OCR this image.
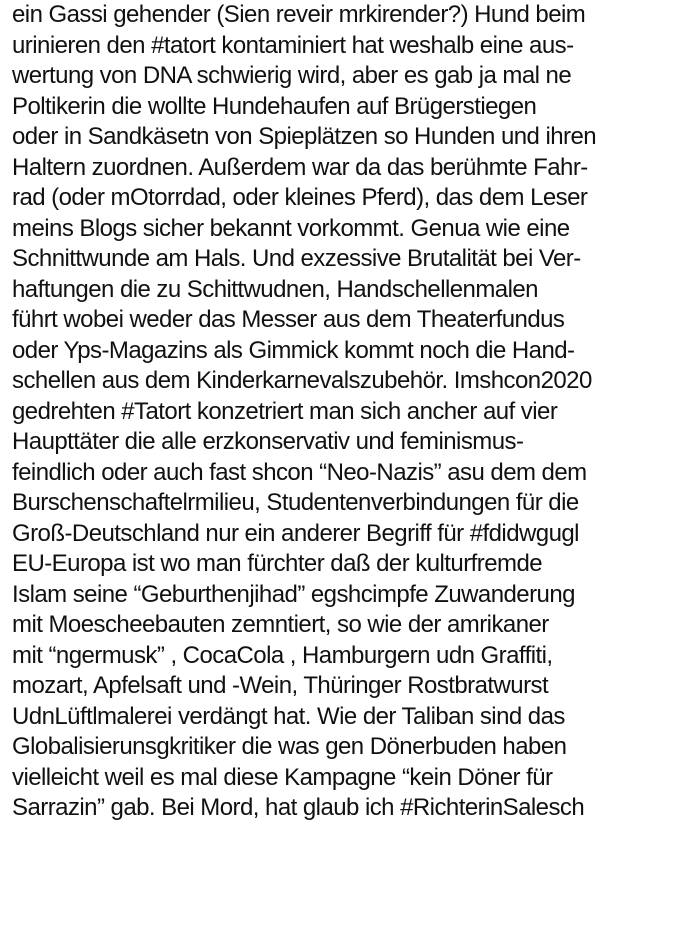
ein Gassi gehender (Sien reveir mrkirender?) Hund beim
urinieren den #tatort kontaminiert hat weshalb eine aus-
wertung von DNA schwierig wird, aber es gab ja mal ne
Poltikerin die wollte Hundehaufen auf Brügerstiegen
oder in Sandkäsetn von Spieplätzen so Hunden und ihren
Haltern zuordnen. Außerdem war da das berühmte Fahr-
rad (oder mOtorrdad, oder kleines Pferd), das dem Leser
meins Blogs sicher bekannt vorkommt. Genua wie eine
Schnittwunde am Hals. Und exzessive Brutalität bei Ver-
haftungen die zu Schittwudnen, Handschellenmalen
führt wobei weder das Messer aus dem Theaterfundus
oder Yps-Magazins als Gimmick kommt noch die Hand-
schellen aus dem Kinderkarnevalszubehör. Imshcon2020
gedrehten #Tatort konzetriert man sich ancher auf vier
Haupttäter die alle erzkonservativ und feminismus-
feindlich oder auch fast shcon “Neo-Nazis” asu dem dem
Burschenschaftelrmilieu, Studentenverbindungen für die
Groß-Deutschland nur ein anderer Begriff für #fdidwgugl
EU-Europa ist wo man fürchter daß der kulturfremde
Islam seine “Geburthenjihad” egshcimpfe Zuwanderung
mit Moescheebauten zemntiert, so wie der amrikaner
mit “ngermusk” , CocaCola , Hamburgern udn Graffiti,
mozart, Apfelsaft und -Wein, Thüringer Rostbratwurst
UdnLüftlmalerei verdängt hat. Wie der Taliban sind das
Globalisierunsgkritiker die was gen Dönerbuden haben
vielleicht weil es mal diese Kampagne “kein Döner für
Sarrazin” gab. Bei Mord, hat glaub ich #RichterinSalesch
